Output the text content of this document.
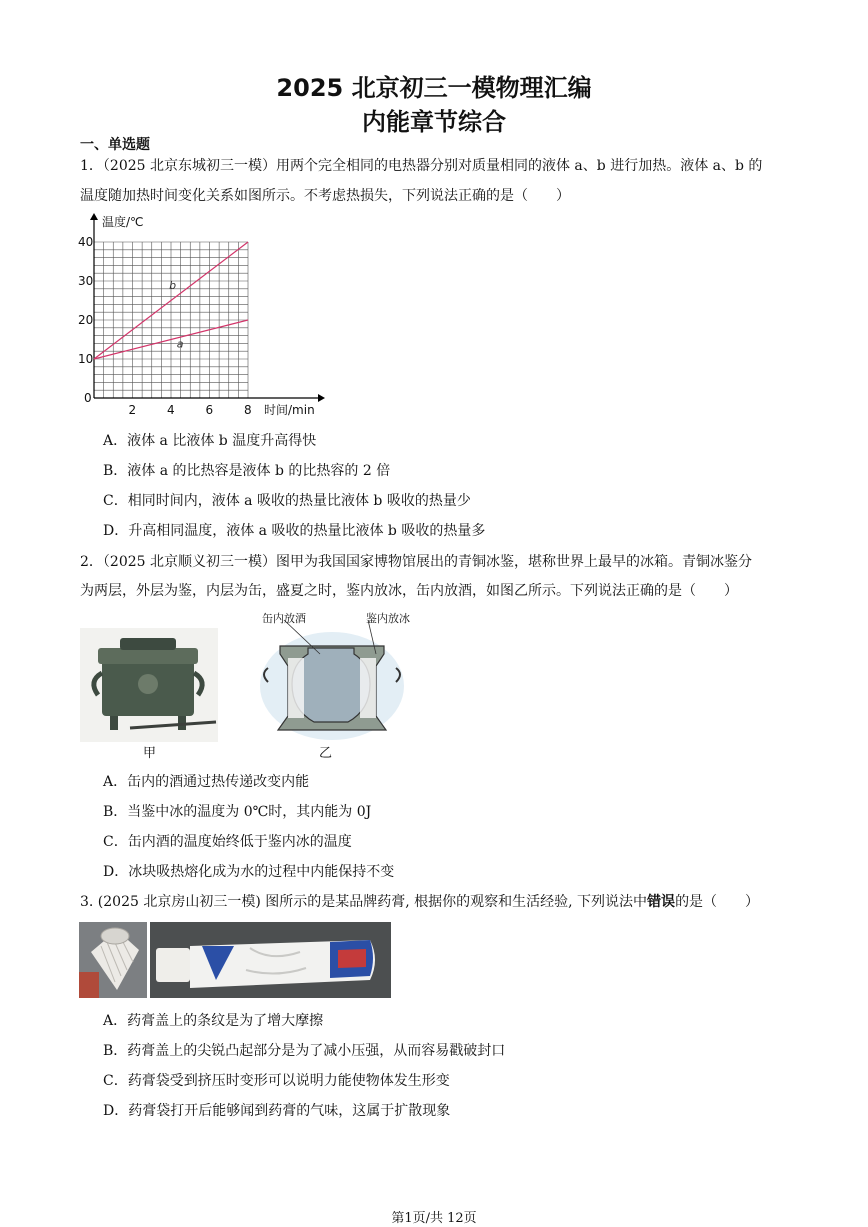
2025 北京初三一模物理汇编
内能章节综合
一、单选题
1．（2025 北京东城初三一模）用两个完全相同的电热器分别对质量相同的液体 a、b 进行加热。液体 a、b 的
温度随加热时间变化关系如图所示。不考虑热损失，下列说法正确的是（　　）
b
a
2	4	6	8
10
20
30
40
0
时间/min
温度/℃
A．液体 a 比液体 b 温度升高得快
B．液体 a 的比热容是液体 b 的比热容的 2 倍
C．相同时间内，液体 a 吸收的热量比液体 b 吸收的热量少
D．升高相同温度，液体 a 吸收的热量比液体 b 吸收的热量多
2．（2025 北京顺义初三一模）图甲为我国国家博物馆展出的青铜冰鉴，堪称世界上最早的冰箱。青铜冰鉴分
为两层，外层为鉴，内层为缶，盛夏之时，鉴内放冰，缶内放酒，如图乙所示。下列说法正确的是（　　）
甲
缶内放酒	鉴内放冰
乙
A．缶内的酒通过热传递改变内能
B．当鉴中冰的温度为 0℃时，其内能为 0J
C．缶内酒的温度始终低于鉴内冰的温度
D．冰块吸热熔化成为水的过程中内能保持不变
3. (2025 北京房山初三一模) 图所示的是某品牌药膏, 根据你的观察和生活经验, 下列说法中错误的是（　　）
A．药膏盖上的条纹是为了增大摩擦
B．药膏盖上的尖锐凸起部分是为了减小压强，从而容易戳破封口
C．药膏袋受到挤压时变形可以说明力能使物体发生形变
D．药膏袋打开后能够闻到药膏的气味，这属于扩散现象
第1页/共 12页
